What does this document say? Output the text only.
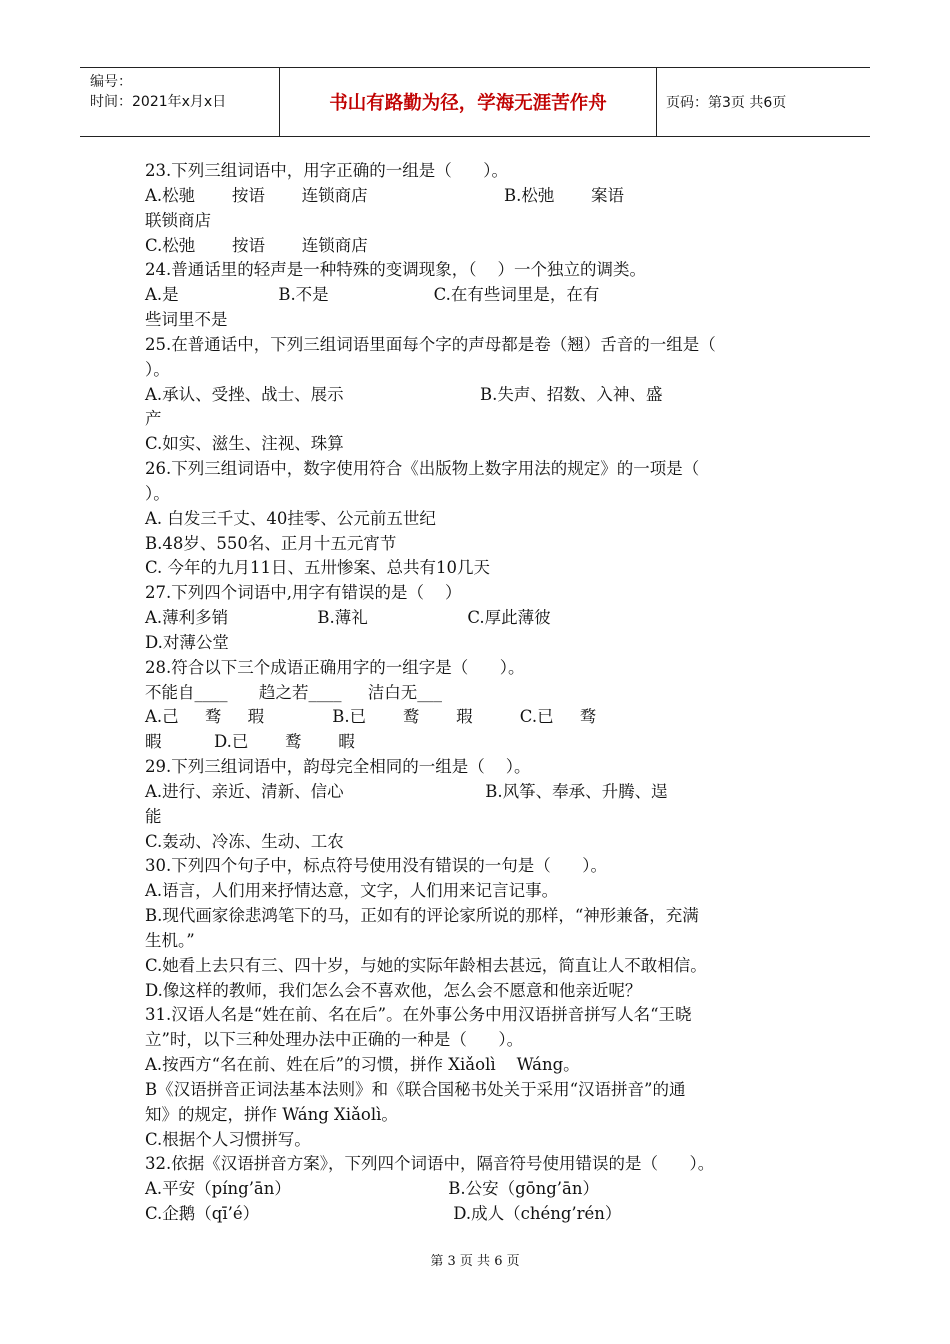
编号：
时间：2021年x月x日	书山有路勤为径，学海无涯苦作舟	页码：第3页 共6页
23.下列三组词语中，用字正确的一组是（      ）。
A.松驰       按语       连锁商店                          B.松弛       案语
联锁商店
C.松弛       按语       连锁商店
24.普通话里的轻声是一种特殊的变调现象，（    ）一个独立的调类。
A.是                   B.不是                    C.在有些词里是，在有
些词里不是
25.在普通话中，下列三组词语里面每个字的声母都是卷（翘）舌音的一组是（
）。
A.承认、受挫、战士、展示                          B.失声、招数、入神、盛
产
C.如实、滋生、注视、珠算
26.下列三组词语中，数字使用符合《出版物上数字用法的规定》的一项是（
）。
A. 白发三千丈、40挂零、公元前五世纪
B.48岁、550名、正月十五元宵节
C. 今年的九月11日、五卅惨案、总共有10几天
27.下列四个词语中,用字有错误的是（    ）
A.薄利多销                 B.薄礼                   C.厚此薄彼
D.对薄公堂
28.符合以下三个成语正确用字的一组字是（      ）。
不能自____      趋之若____     洁白无___
A.己     骛     瑕             B.已       鹜       瑕         C.已     骛
暇          D.已       鹜       暇
29.下列三组词语中，韵母完全相同的一组是（    ）。
A.进行、亲近、清新、信心                           B.风筝、奉承、升腾、逞
能
C.轰动、冷冻、生动、工农
30.下列四个句子中，标点符号使用没有错误的一句是（      ）。
A.语言，人们用来抒情达意，文字，人们用来记言记事。
B.现代画家徐悲鸿笔下的马，正如有的评论家所说的那样，“神形兼备，充满
生机。”
C.她看上去只有三、四十岁，与她的实际年龄相去甚远，简直让人不敢相信。
D.像这样的教师，我们怎么会不喜欢他，怎么会不愿意和他亲近呢？
31.汉语人名是“姓在前、名在后”。在外事公务中用汉语拼音拼写人名“王晓
立”时，以下三种处理办法中正确的一种是（      ）。
A.按西方“名在前、姓在后”的习惯，拼作 Xiǎolì    Wáng。
B《汉语拼音正词法基本法则》和《联合国秘书处关于采用“汉语拼音”的通
知》的规定，拼作 Wáng Xiǎolì。
C.根据个人习惯拼写。
32.依据《汉语拼音方案》，下列四个词语中，隔音符号使用错误的是（      ）。
A.平安（píng’ān）                              B.公安（gōng’ān）
C.企鹅（qī’é）                                     D.成人（chéng’rén）
第 3 页 共 6 页
